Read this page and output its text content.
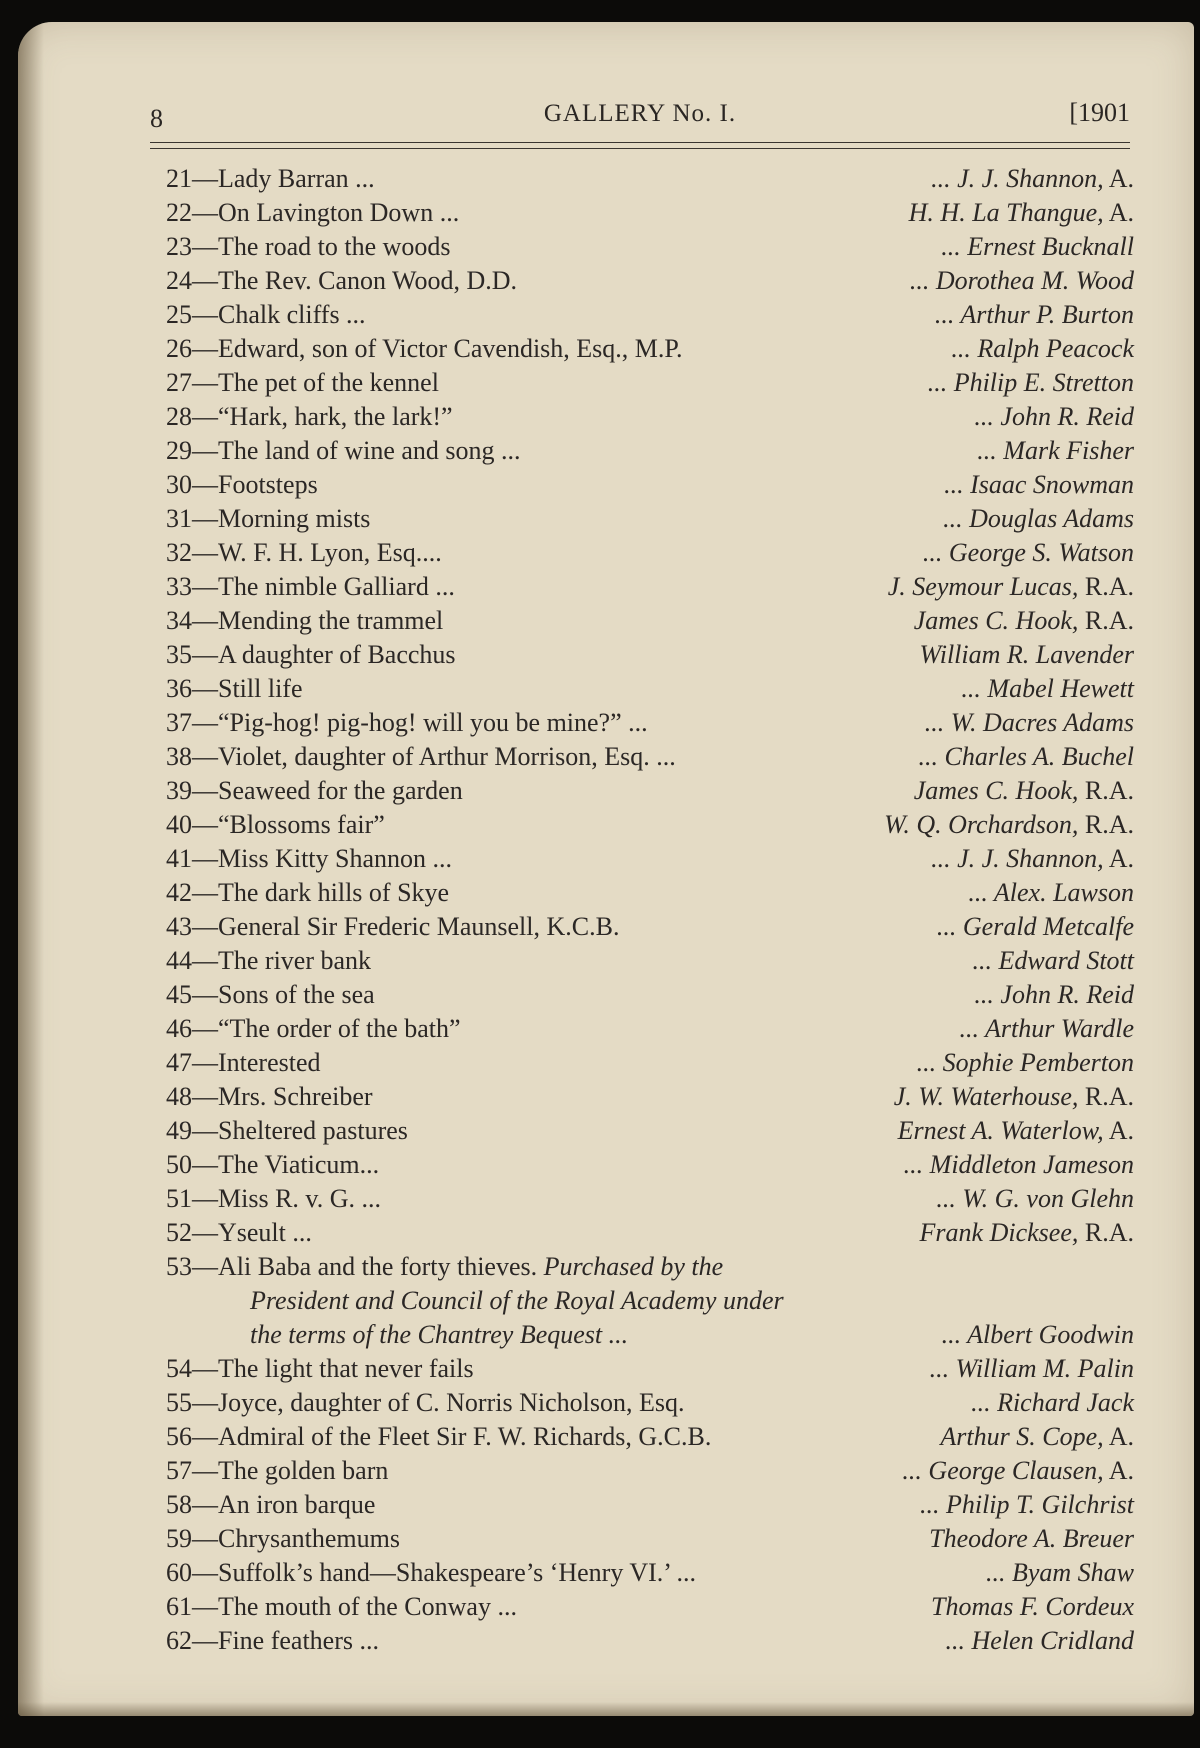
8	GALLERY No. I.	[1901
21—Lady Barran ...	... J. J. Shannon, A.
22—On Lavington Down ...	H. H. La Thangue, A.
23—The road to the woods	... Ernest Bucknall
24—The Rev. Canon Wood, D.D.	... Dorothea M. Wood
25—Chalk cliffs ...	... Arthur P. Burton
26—Edward, son of Victor Cavendish, Esq., M.P.	... Ralph Peacock
27—The pet of the kennel	... Philip E. Stretton
28—“Hark, hark, the lark!”	... John R. Reid
29—The land of wine and song ...	... Mark Fisher
30—Footsteps	... Isaac Snowman
31—Morning mists	... Douglas Adams
32—W. F. H. Lyon, Esq....	... George S. Watson
33—The nimble Galliard ...	J. Seymour Lucas, R.A.
34—Mending the trammel	James C. Hook, R.A.
35—A daughter of Bacchus	William R. Lavender
36—Still life	... Mabel Hewett
37—“Pig-hog! pig-hog! will you be mine?” ...	... W. Dacres Adams
38—Violet, daughter of Arthur Morrison, Esq. ...	... Charles A. Buchel
39—Seaweed for the garden	James C. Hook, R.A.
40—“Blossoms fair”	W. Q. Orchardson, R.A.
41—Miss Kitty Shannon ...	... J. J. Shannon, A.
42—The dark hills of Skye	... Alex. Lawson
43—General Sir Frederic Maunsell, K.C.B.	... Gerald Metcalfe
44—The river bank	... Edward Stott
45—Sons of the sea	... John R. Reid
46—“The order of the bath”	... Arthur Wardle
47—Interested	... Sophie Pemberton
48—Mrs. Schreiber	J. W. Waterhouse, R.A.
49—Sheltered pastures	Ernest A. Waterlow, A.
50—The Viaticum...	... Middleton Jameson
51—Miss R. v. G. ...	... W. G. von Glehn
52—Yseult ...	Frank Dicksee, R.A.
53—Ali Baba and the forty thieves. Purchased by the
President and Council of the Royal Academy under
the terms of the Chantrey Bequest ...	... Albert Goodwin
54—The light that never fails	... William M. Palin
55—Joyce, daughter of C. Norris Nicholson, Esq.	... Richard Jack
56—Admiral of the Fleet Sir F. W. Richards, G.C.B.	Arthur S. Cope, A.
57—The golden barn	... George Clausen, A.
58—An iron barque	... Philip T. Gilchrist
59—Chrysanthemums	Theodore A. Breuer
60—Suffolk’s hand—Shakespeare’s ‘Henry VI.’ ...	... Byam Shaw
61—The mouth of the Conway ...	Thomas F. Cordeux
62—Fine feathers ...	... Helen Cridland
